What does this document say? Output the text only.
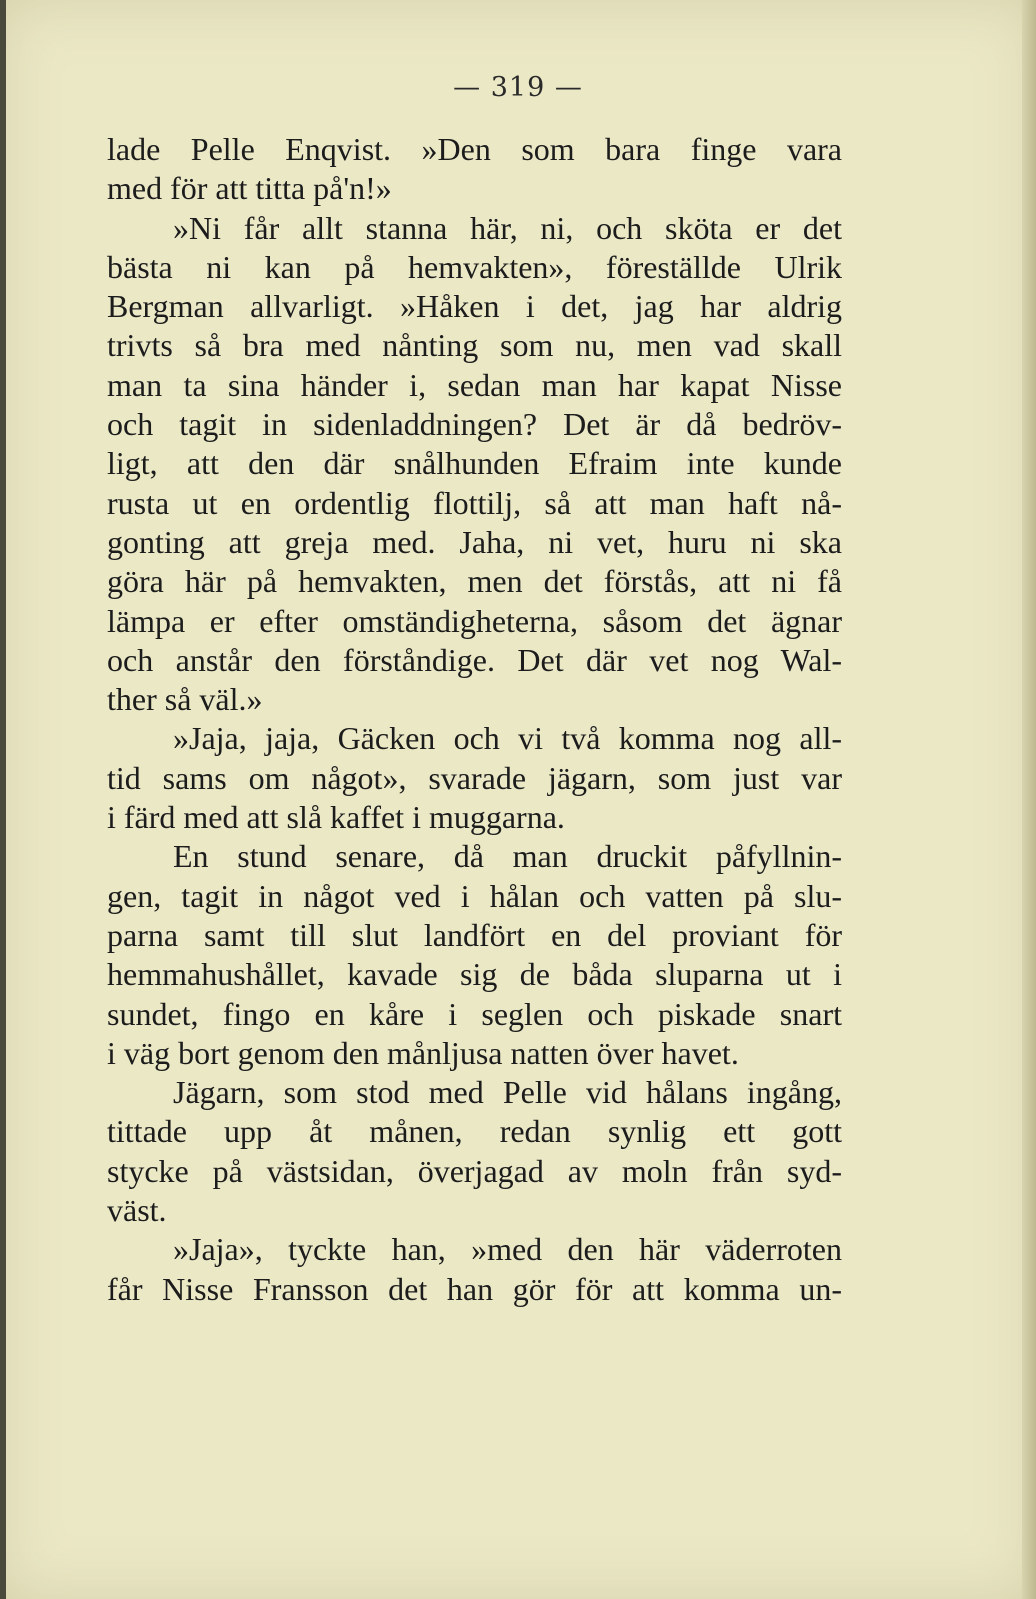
— 319 —
lade Pelle Enqvist. »Den som bara finge vara
med för att titta på'n!»
»Ni får allt stanna här, ni, och sköta er det
bästa ni kan på hemvakten», föreställde Ulrik
Bergman allvarligt. »Håken i det, jag har aldrig
trivts så bra med nånting som nu, men vad skall
man ta sina händer i, sedan man har kapat Nisse
och tagit in sidenladdningen? Det är då bedröv-
ligt, att den där snålhunden Efraim inte kunde
rusta ut en ordentlig flottilj, så att man haft nå-
gonting att greja med. Jaha, ni vet, huru ni ska
göra här på hemvakten, men det förstås, att ni få
lämpa er efter omständigheterna, såsom det ägnar
och anstår den förståndige. Det där vet nog Wal-
ther så väl.»
»Jaja, jaja, Gäcken och vi två komma nog all-
tid sams om något», svarade jägarn, som just var
i färd med att slå kaffet i muggarna.
En stund senare, då man druckit påfyllnin-
gen, tagit in något ved i hålan och vatten på slu-
parna samt till slut landfört en del proviant för
hemmahushållet, kavade sig de båda sluparna ut i
sundet, fingo en kåre i seglen och piskade snart
i väg bort genom den månljusa natten över havet.
Jägarn, som stod med Pelle vid hålans ingång,
tittade upp åt månen, redan synlig ett gott
stycke på västsidan, överjagad av moln från syd-
väst.
»Jaja», tyckte han, »med den här väderroten
får Nisse Fransson det han gör för att komma un-
